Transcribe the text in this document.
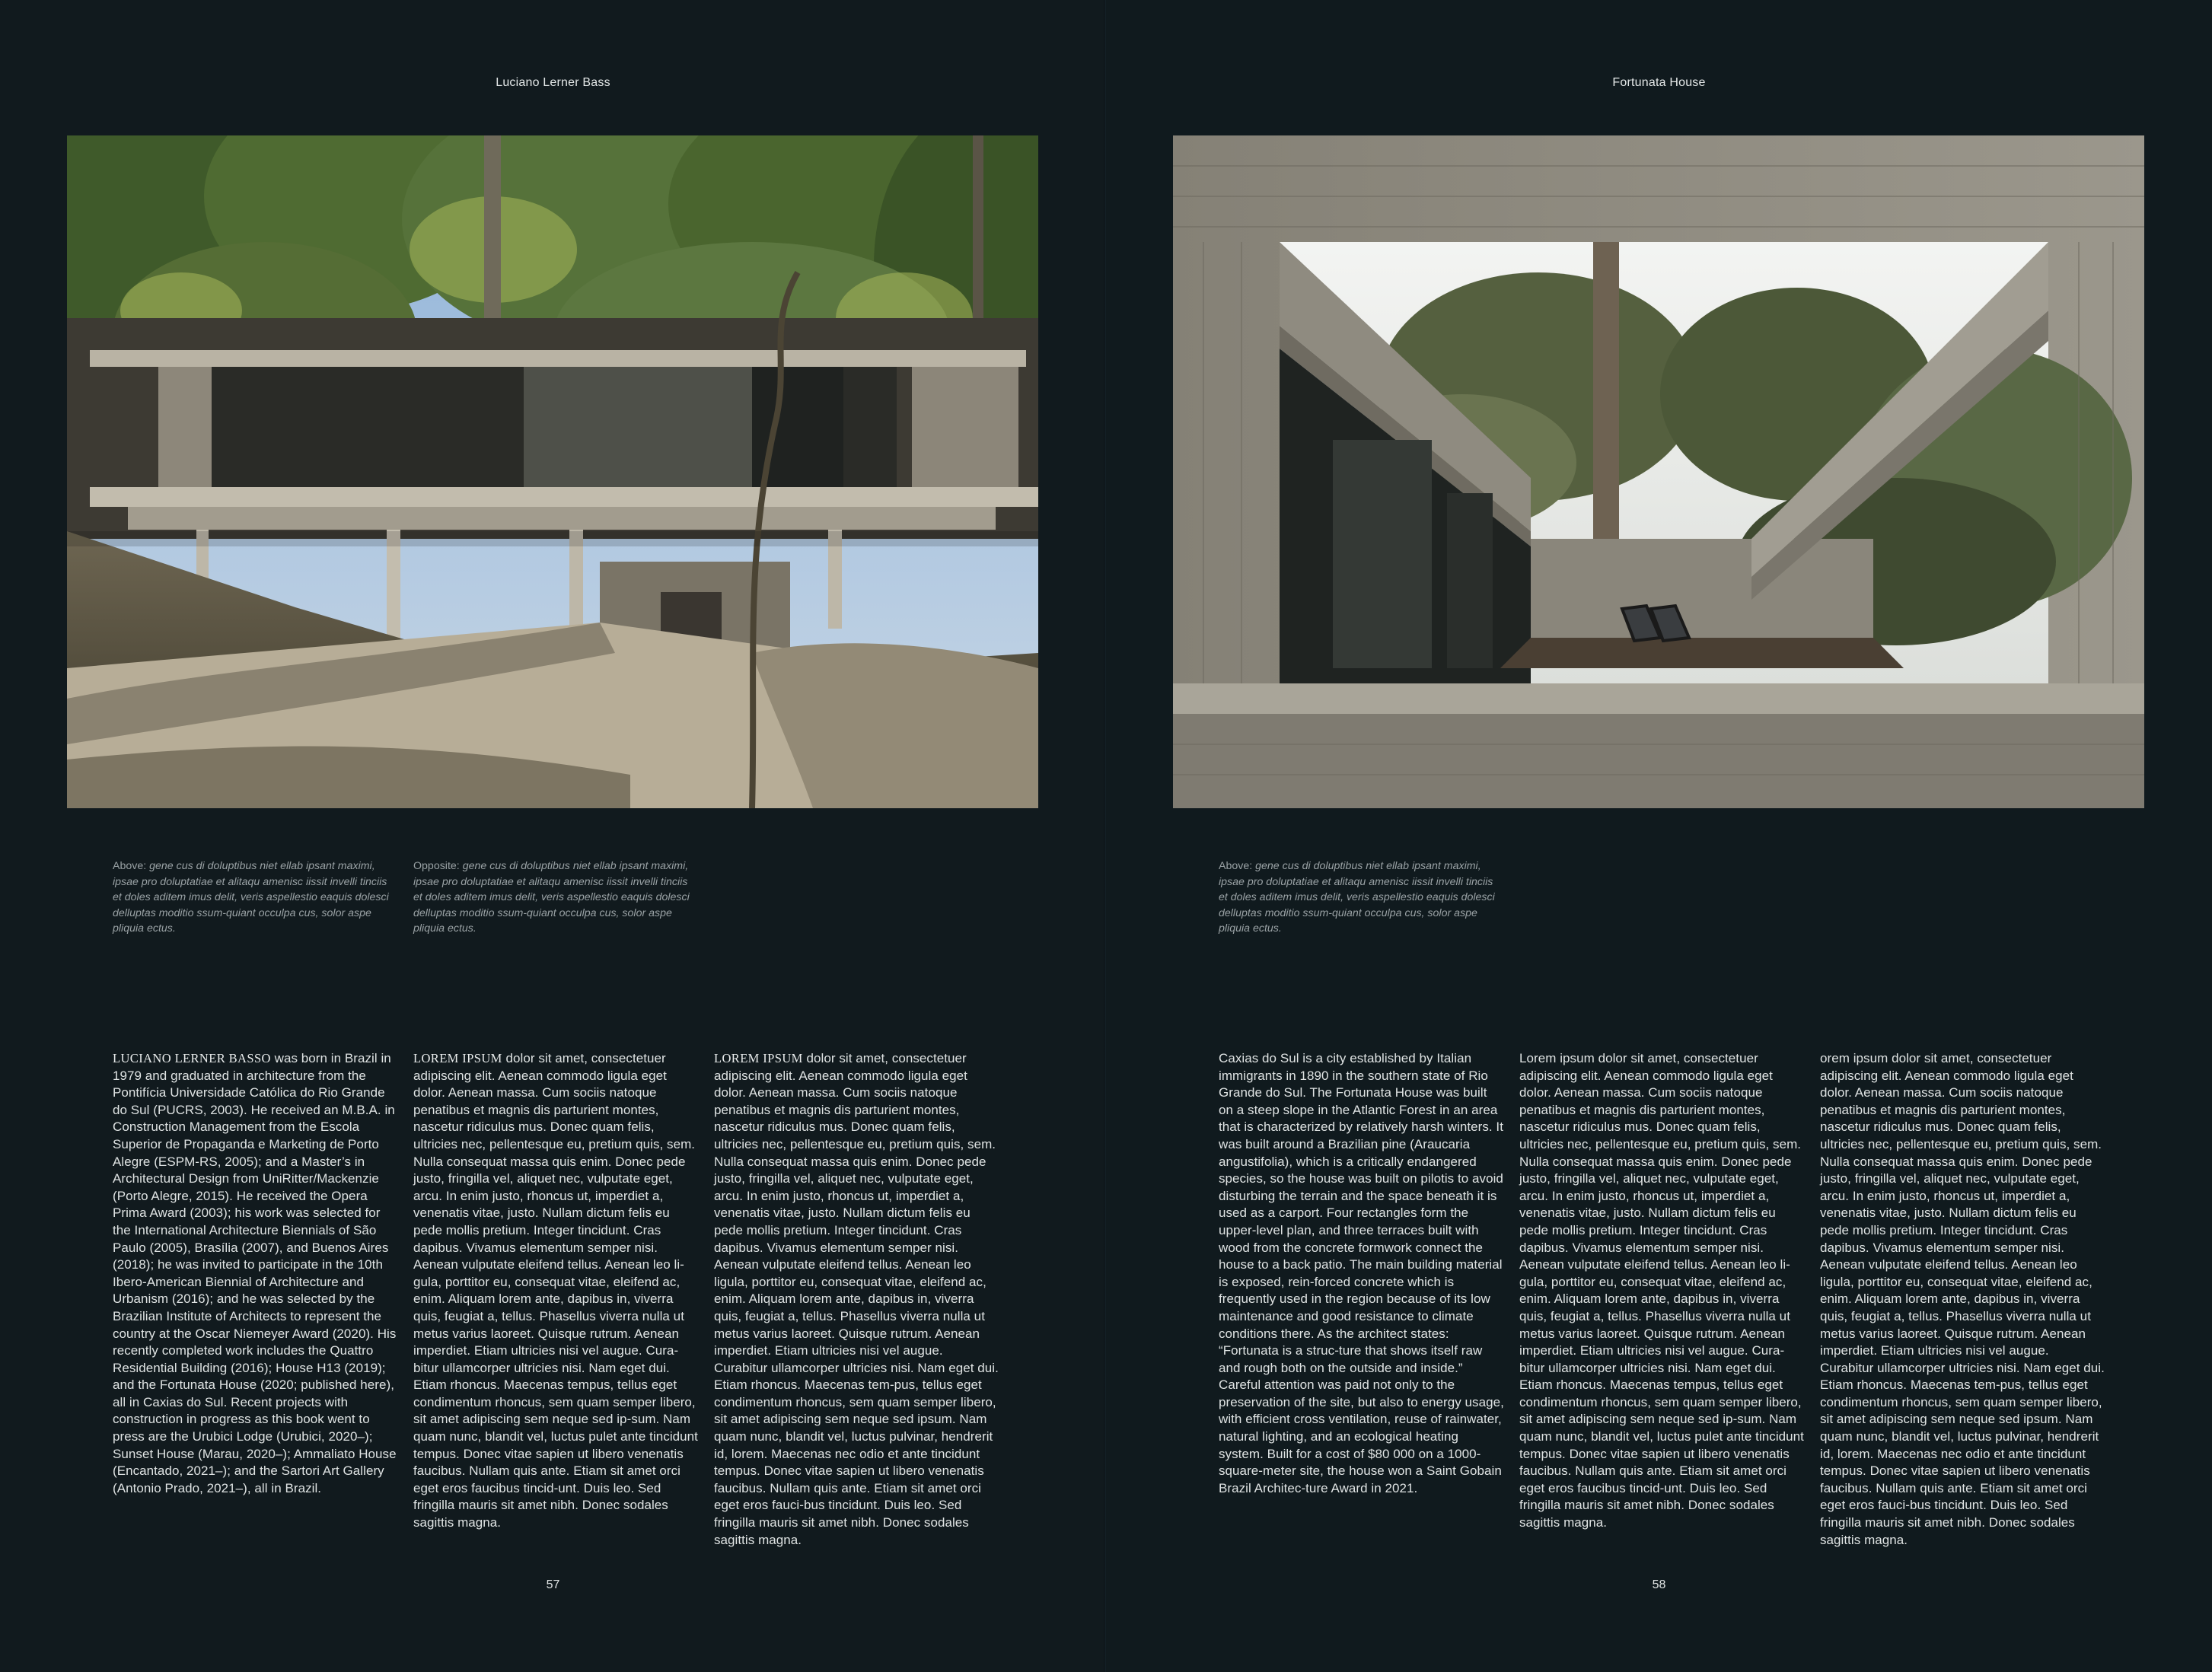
Luciano Lerner Bass
Above: gene cus di doluptibus niet ellab ipsant maximi, ipsae pro doluptatiae et alitaqu amenisc iissit invelli tinciis et doles aditem imus delit, veris aspellestio eaquis dolesci delluptas moditio ssum-quiant occulpa cus, solor aspe pliquia ectus.
Opposite: gene cus di doluptibus niet ellab ipsant maximi, ipsae pro doluptatiae et alitaqu amenisc iissit invelli tinciis et doles aditem imus delit, veris aspellestio eaquis dolesci delluptas moditio ssum-quiant occulpa cus, solor aspe pliquia ectus.
LUCIANO LERNER BASSO was born in Brazil in 1979 and graduated in architecture from the Pontifícia Universidade Católica do Rio Grande do Sul (PUCRS, 2003). He received an M.B.A. in Construction Management from the Escola Superior de Propaganda e Marketing de Porto Alegre (ESPM-RS, 2005); and a Master’s in Architectural Design from UniRitter/Mackenzie (Porto Alegre, 2015). He received the Opera Prima Award (2003); his work was selected for the International Architecture Biennials of São Paulo (2005), Brasília (2007), and Buenos Aires (2018); he was invited to participate in the 10th Ibero-American Biennial of Architecture and Urbanism (2016); and he was selected by the Brazilian Institute of Architects to represent the country at the Oscar Niemeyer Award (2020). His recently completed work includes the Quattro Residential Building (2016); House H13 (2019); and the Fortunata House (2020; published here), all in Caxias do Sul. Recent projects with construction in progress as this book went to press are the Urubici Lodge (Urubici, 2020–); Sunset House (Marau, 2020–); Ammaliato House (Encantado, 2021–); and the Sartori Art Gallery (Antonio Prado, 2021–), all in Brazil.
LOREM IPSUM dolor sit amet, consectetuer adipiscing elit. Aenean commodo ligula eget dolor. Aenean massa. Cum sociis natoque penatibus et magnis dis parturient montes, nascetur ridiculus mus. Donec quam felis, ultricies nec, pellentesque eu, pretium quis, sem. Nulla consequat massa quis enim. Donec pede justo, fringilla vel, aliquet nec, vulputate eget, arcu. In enim justo, rhoncus ut, imperdiet a, venenatis vitae, justo. Nullam dictum felis eu pede mollis pretium. Integer tincidunt. Cras dapibus. Vivamus elementum semper nisi. Aenean vulputate eleifend tellus. Aenean leo li-gula, porttitor eu, consequat vitae, eleifend ac, enim. Aliquam lorem ante, dapibus in, viverra quis, feugiat a, tellus. Phasellus viverra nulla ut metus varius laoreet. Quisque rutrum. Aenean imperdiet. Etiam ultricies nisi vel augue. Cura-bitur ullamcorper ultricies nisi. Nam eget dui. Etiam rhoncus. Maecenas tempus, tellus eget condimentum rhoncus, sem quam semper libero, sit amet adipiscing sem neque sed ip-sum. Nam quam nunc, blandit vel, luctus pulet ante tincidunt tempus. Donec vitae sapien ut libero venenatis faucibus. Nullam quis ante. Etiam sit amet orci eget eros faucibus tincid-unt. Duis leo. Sed fringilla mauris sit amet nibh. Donec sodales sagittis magna.
LOREM IPSUM dolor sit amet, consectetuer adipiscing elit. Aenean commodo ligula eget dolor. Aenean massa. Cum sociis natoque penatibus et magnis dis parturient montes, nascetur ridiculus mus. Donec quam felis, ultricies nec, pellentesque eu, pretium quis, sem. Nulla consequat massa quis enim. Donec pede justo, fringilla vel, aliquet nec, vulputate eget, arcu. In enim justo, rhoncus ut, imperdiet a, venenatis vitae, justo. Nullam dictum felis eu pede mollis pretium. Integer tincidunt. Cras dapibus. Vivamus elementum semper nisi. Aenean vulputate eleifend tellus. Aenean leo ligula, porttitor eu, consequat vitae, eleifend ac, enim. Aliquam lorem ante, dapibus in, viverra quis, feugiat a, tellus. Phasellus viverra nulla ut metus varius laoreet. Quisque rutrum. Aenean imperdiet. Etiam ultricies nisi vel augue. Curabitur ullamcorper ultricies nisi. Nam eget dui. Etiam rhoncus. Maecenas tem-pus, tellus eget condimentum rhoncus, sem quam semper libero, sit amet adipiscing sem neque sed ipsum. Nam quam nunc, blandit vel, luctus pulvinar, hendrerit id, lorem. Maecenas nec odio et ante tincidunt tempus. Donec vitae sapien ut libero venenatis faucibus. Nullam quis ante. Etiam sit amet orci eget eros fauci-bus tincidunt. Duis leo. Sed fringilla mauris sit amet nibh. Donec sodales sagittis magna.
57
Fortunata House
Above: gene cus di doluptibus niet ellab ipsant maximi, ipsae pro doluptatiae et alitaqu amenisc iissit invelli tinciis et doles aditem imus delit, veris aspellestio eaquis dolesci delluptas moditio ssum-quiant occulpa cus, solor aspe pliquia ectus.
Caxias do Sul is a city established by Italian immigrants in 1890 in the southern state of Rio Grande do Sul. The Fortunata House was built on a steep slope in the Atlantic Forest in an area that is characterized by relatively harsh winters. It was built around a Brazilian pine (Araucaria angustifolia), which is a critically endangered species, so the house was built on pilotis to avoid disturbing the terrain and the space beneath it is used as a carport. Four rectangles form the upper-level plan, and three terraces built with wood from the concrete formwork connect the house to a back patio. The main building material is exposed, rein-forced concrete which is frequently used in the region because of its low maintenance and good resistance to climate conditions there. As the architect states: “Fortunata is a struc-ture that shows itself raw and rough both on the outside and inside.” Careful attention was paid not only to the preservation of the site, but also to energy usage, with efficient cross ventilation, reuse of rainwater, natural lighting, and an ecological heating system. Built for a cost of $80 000 on a 1000-square-meter site, the house won a Saint Gobain Brazil Architec-ture Award in 2021.
Lorem ipsum dolor sit amet, consectetuer adipiscing elit. Aenean commodo ligula eget dolor. Aenean massa. Cum sociis natoque penatibus et magnis dis parturient montes, nascetur ridiculus mus. Donec quam felis, ultricies nec, pellentesque eu, pretium quis, sem. Nulla consequat massa quis enim. Donec pede justo, fringilla vel, aliquet nec, vulputate eget, arcu. In enim justo, rhoncus ut, imperdiet a, venenatis vitae, justo. Nullam dictum felis eu pede mollis pretium. Integer tincidunt. Cras dapibus. Vivamus elementum semper nisi. Aenean vulputate eleifend tellus. Aenean leo li-gula, porttitor eu, consequat vitae, eleifend ac, enim. Aliquam lorem ante, dapibus in, viverra quis, feugiat a, tellus. Phasellus viverra nulla ut metus varius laoreet. Quisque rutrum. Aenean imperdiet. Etiam ultricies nisi vel augue. Cura-bitur ullamcorper ultricies nisi. Nam eget dui. Etiam rhoncus. Maecenas tempus, tellus eget condimentum rhoncus, sem quam semper libero, sit amet adipiscing sem neque sed ip-sum. Nam quam nunc, blandit vel, luctus pulet ante tincidunt tempus. Donec vitae sapien ut libero venenatis faucibus. Nullam quis ante. Etiam sit amet orci eget eros faucibus tincid-unt. Duis leo. Sed fringilla mauris sit amet nibh. Donec sodales sagittis magna.
orem ipsum dolor sit amet, consectetuer adipiscing elit. Aenean commodo ligula eget dolor. Aenean massa. Cum sociis natoque penatibus et magnis dis parturient montes, nascetur ridiculus mus. Donec quam felis, ultricies nec, pellentesque eu, pretium quis, sem. Nulla consequat massa quis enim. Donec pede justo, fringilla vel, aliquet nec, vulputate eget, arcu. In enim justo, rhoncus ut, imperdiet a, venenatis vitae, justo. Nullam dictum felis eu pede mollis pretium. Integer tincidunt. Cras dapibus. Vivamus elementum semper nisi. Aenean vulputate eleifend tellus. Aenean leo ligula, porttitor eu, consequat vitae, eleifend ac, enim. Aliquam lorem ante, dapibus in, viverra quis, feugiat a, tellus. Phasellus viverra nulla ut metus varius laoreet. Quisque rutrum. Aenean imperdiet. Etiam ultricies nisi vel augue. Curabitur ullamcorper ultricies nisi. Nam eget dui. Etiam rhoncus. Maecenas tem-pus, tellus eget condimentum rhoncus, sem quam semper libero, sit amet adipiscing sem neque sed ipsum. Nam quam nunc, blandit vel, luctus pulvinar, hendrerit id, lorem. Maecenas nec odio et ante tincidunt tempus. Donec vitae sapien ut libero venenatis faucibus. Nullam quis ante. Etiam sit amet orci eget eros fauci-bus tincidunt. Duis leo. Sed fringilla mauris sit amet nibh. Donec sodales sagittis magna.
58
